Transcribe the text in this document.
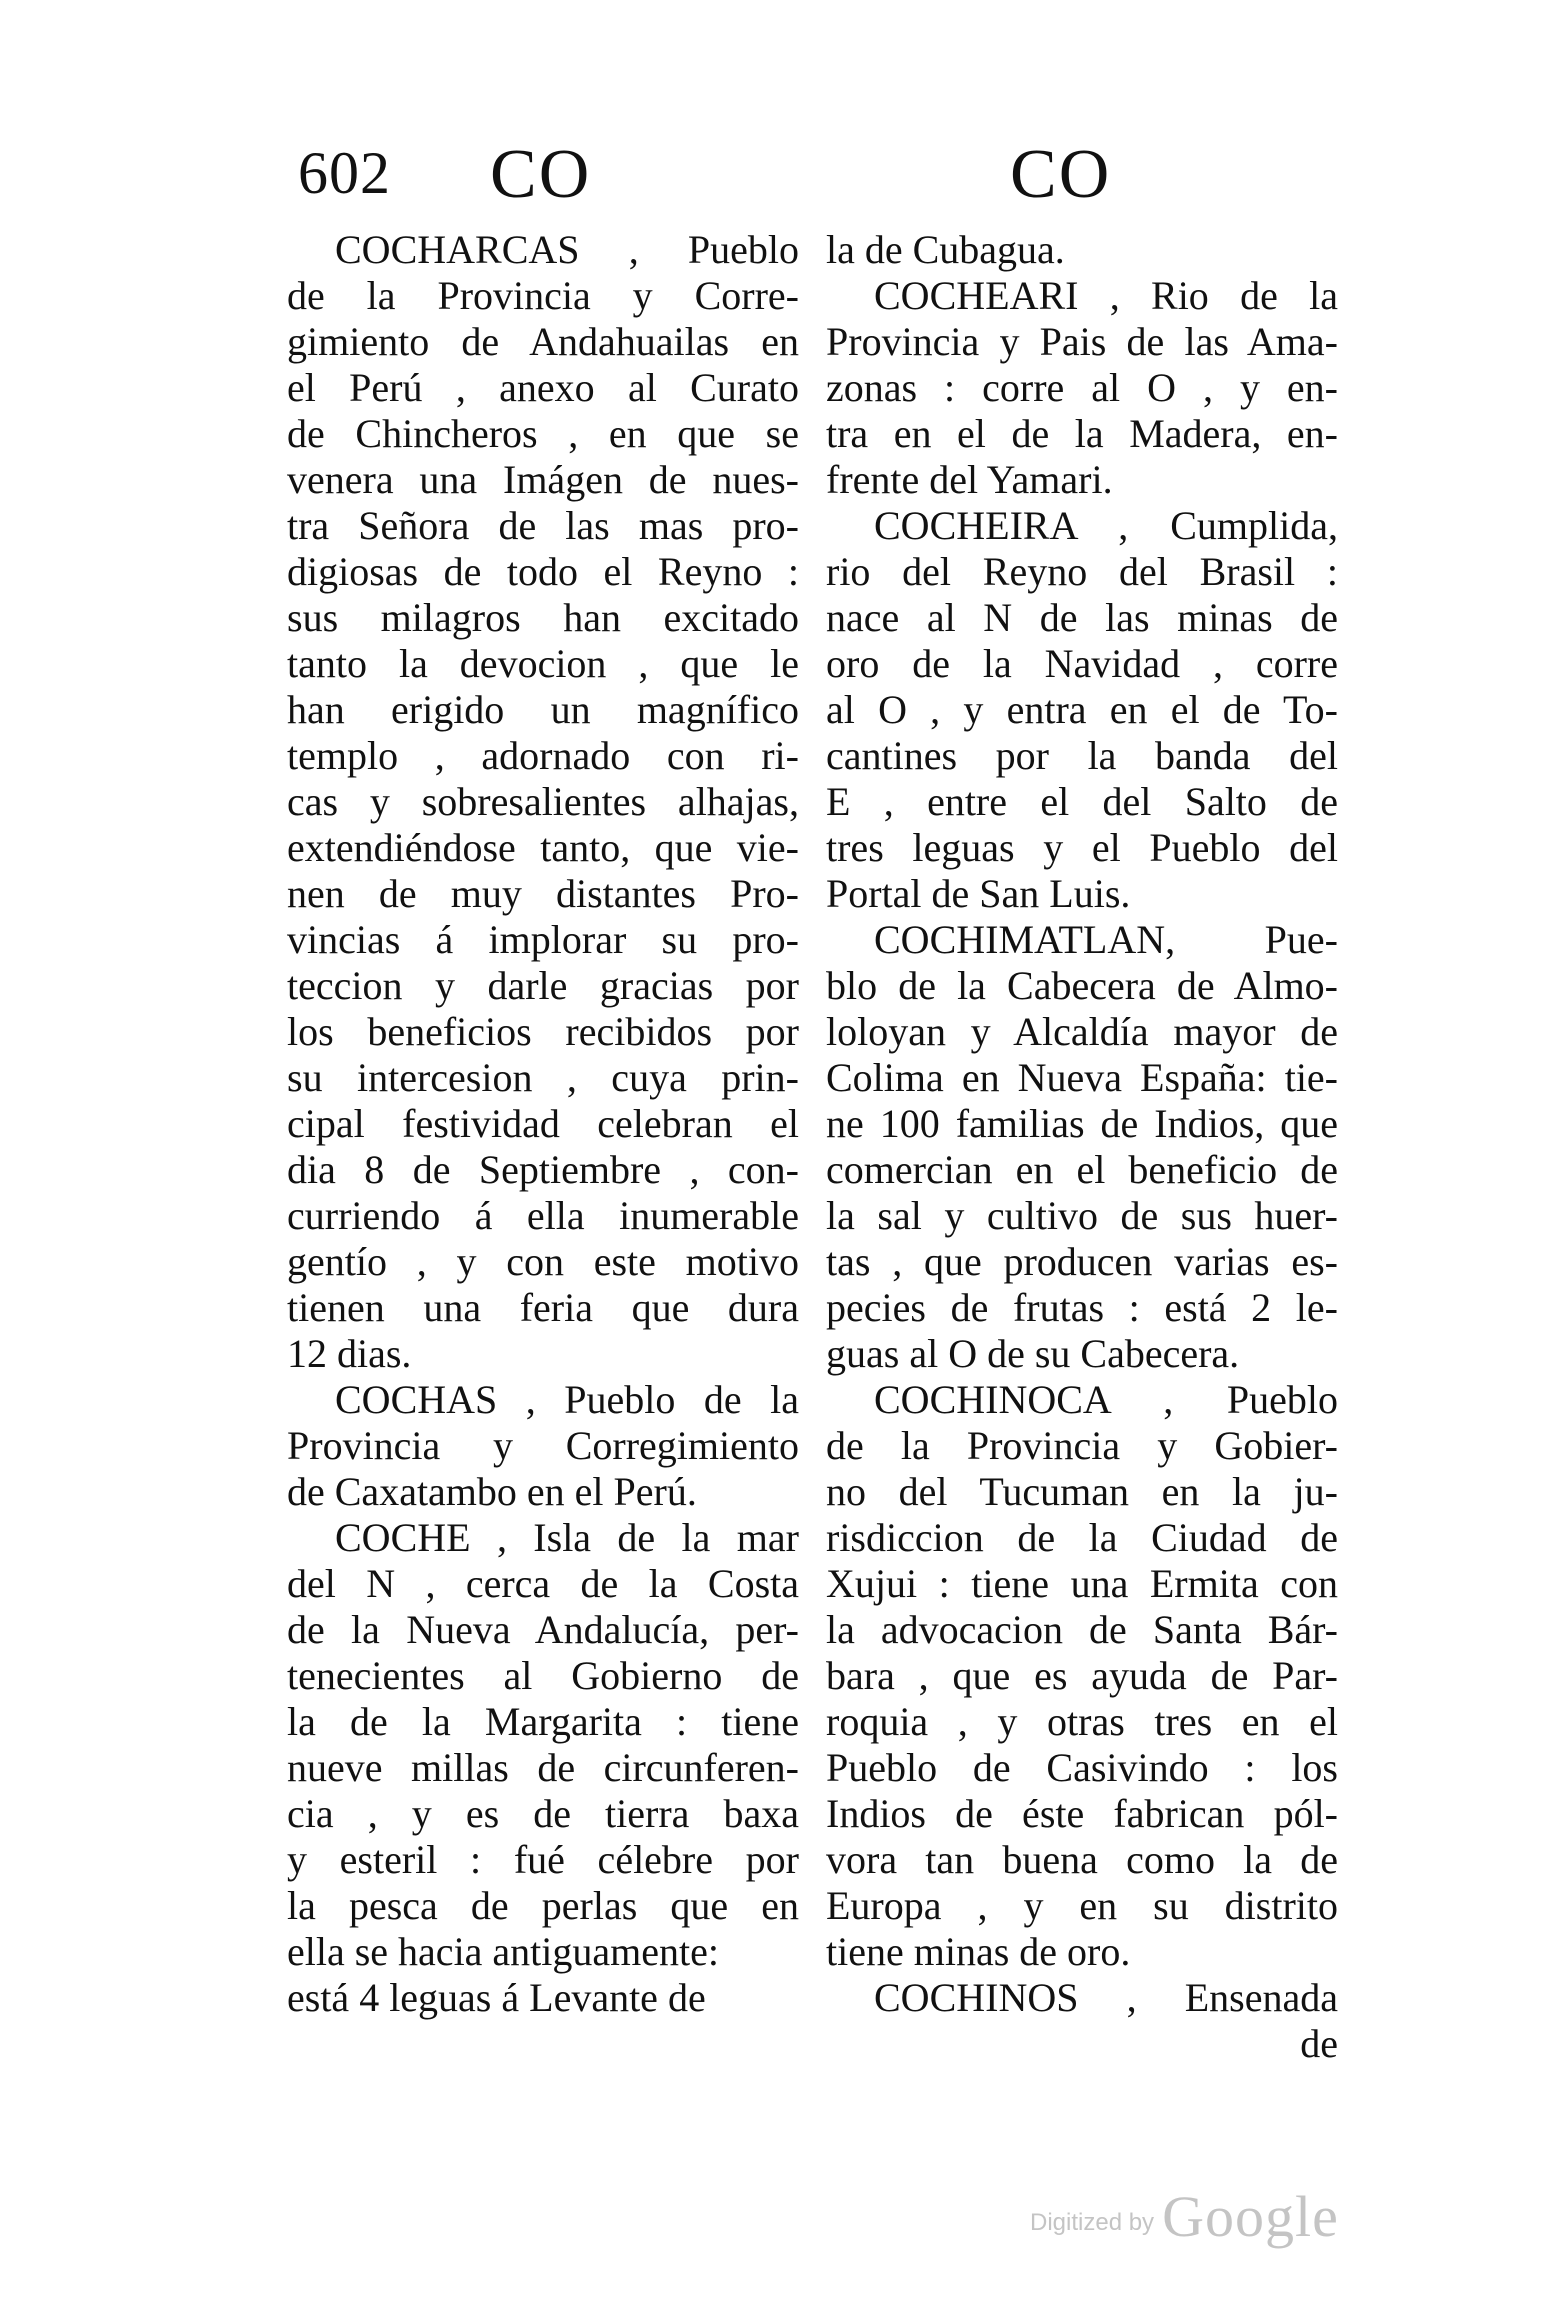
602 CO	CO
COCHARCAS , Pueblo
de la Provincia y Corre-
gimiento de Andahuailas en
el Perú , anexo al Curato
de Chincheros , en que se
venera una Imágen de nues-
tra Señora de las mas pro-
digiosas de todo el Reyno :
sus milagros han excitado
tanto la devocion , que le
han erigido un magnífico
templo , adornado con ri-
cas y sobresalientes alhajas,
extendiéndose tanto, que vie-
nen de muy distantes Pro-
vincias á implorar su pro-
teccion y darle gracias por
los beneficios recibidos por
su intercesion , cuya prin-
cipal festividad celebran el
dia 8 de Septiembre , con-
curriendo á ella inumerable
gentío , y con este motivo
tienen una feria que dura
12 dias.
COCHAS , Pueblo de la
Provincia y Corregimiento
de Caxatambo en el Perú.
COCHE , Isla de la mar
del N , cerca de la Costa
de la Nueva Andalucía, per-
tenecientes al Gobierno de
la de la Margarita : tiene
nueve millas de circunferen-
cia , y es de tierra baxa
y esteril : fué célebre por
la pesca de perlas que en
ella se hacia antiguamente:
está 4 leguas á Levante de
la de Cubagua.
COCHEARI , Rio de la
Provincia y Pais de las Ama-
zonas : corre al O , y en-
tra en el de la Madera, en-
frente del Yamari.
COCHEIRA , Cumplida,
rio del Reyno del Brasil :
nace al N de las minas de
oro de la Navidad , corre
al O , y entra en el de To-
cantines por la banda del
E , entre el del Salto de
tres leguas y el Pueblo del
Portal de San Luis.
COCHIMATLAN, Pue-
blo de la Cabecera de Almo-
loloyan y Alcaldía mayor de
Colima en Nueva España: tie-
ne 100 familias de Indios, que
comercian en el beneficio de
la sal y cultivo de sus huer-
tas , que producen varias es-
pecies de frutas : está 2 le-
guas al O de su Cabecera.
COCHINOCA , Pueblo
de la Provincia y Gobier-
no del Tucuman en la ju-
risdiccion de la Ciudad de
Xujui : tiene una Ermita con
la advocacion de Santa Bár-
bara , que es ayuda de Par-
roquia , y otras tres en el
Pueblo de Casivindo : los
Indios de éste fabrican pól-
vora tan buena como la de
Europa , y en su distrito
tiene minas de oro.
COCHINOS , Ensenada
de
Digitized by Google
